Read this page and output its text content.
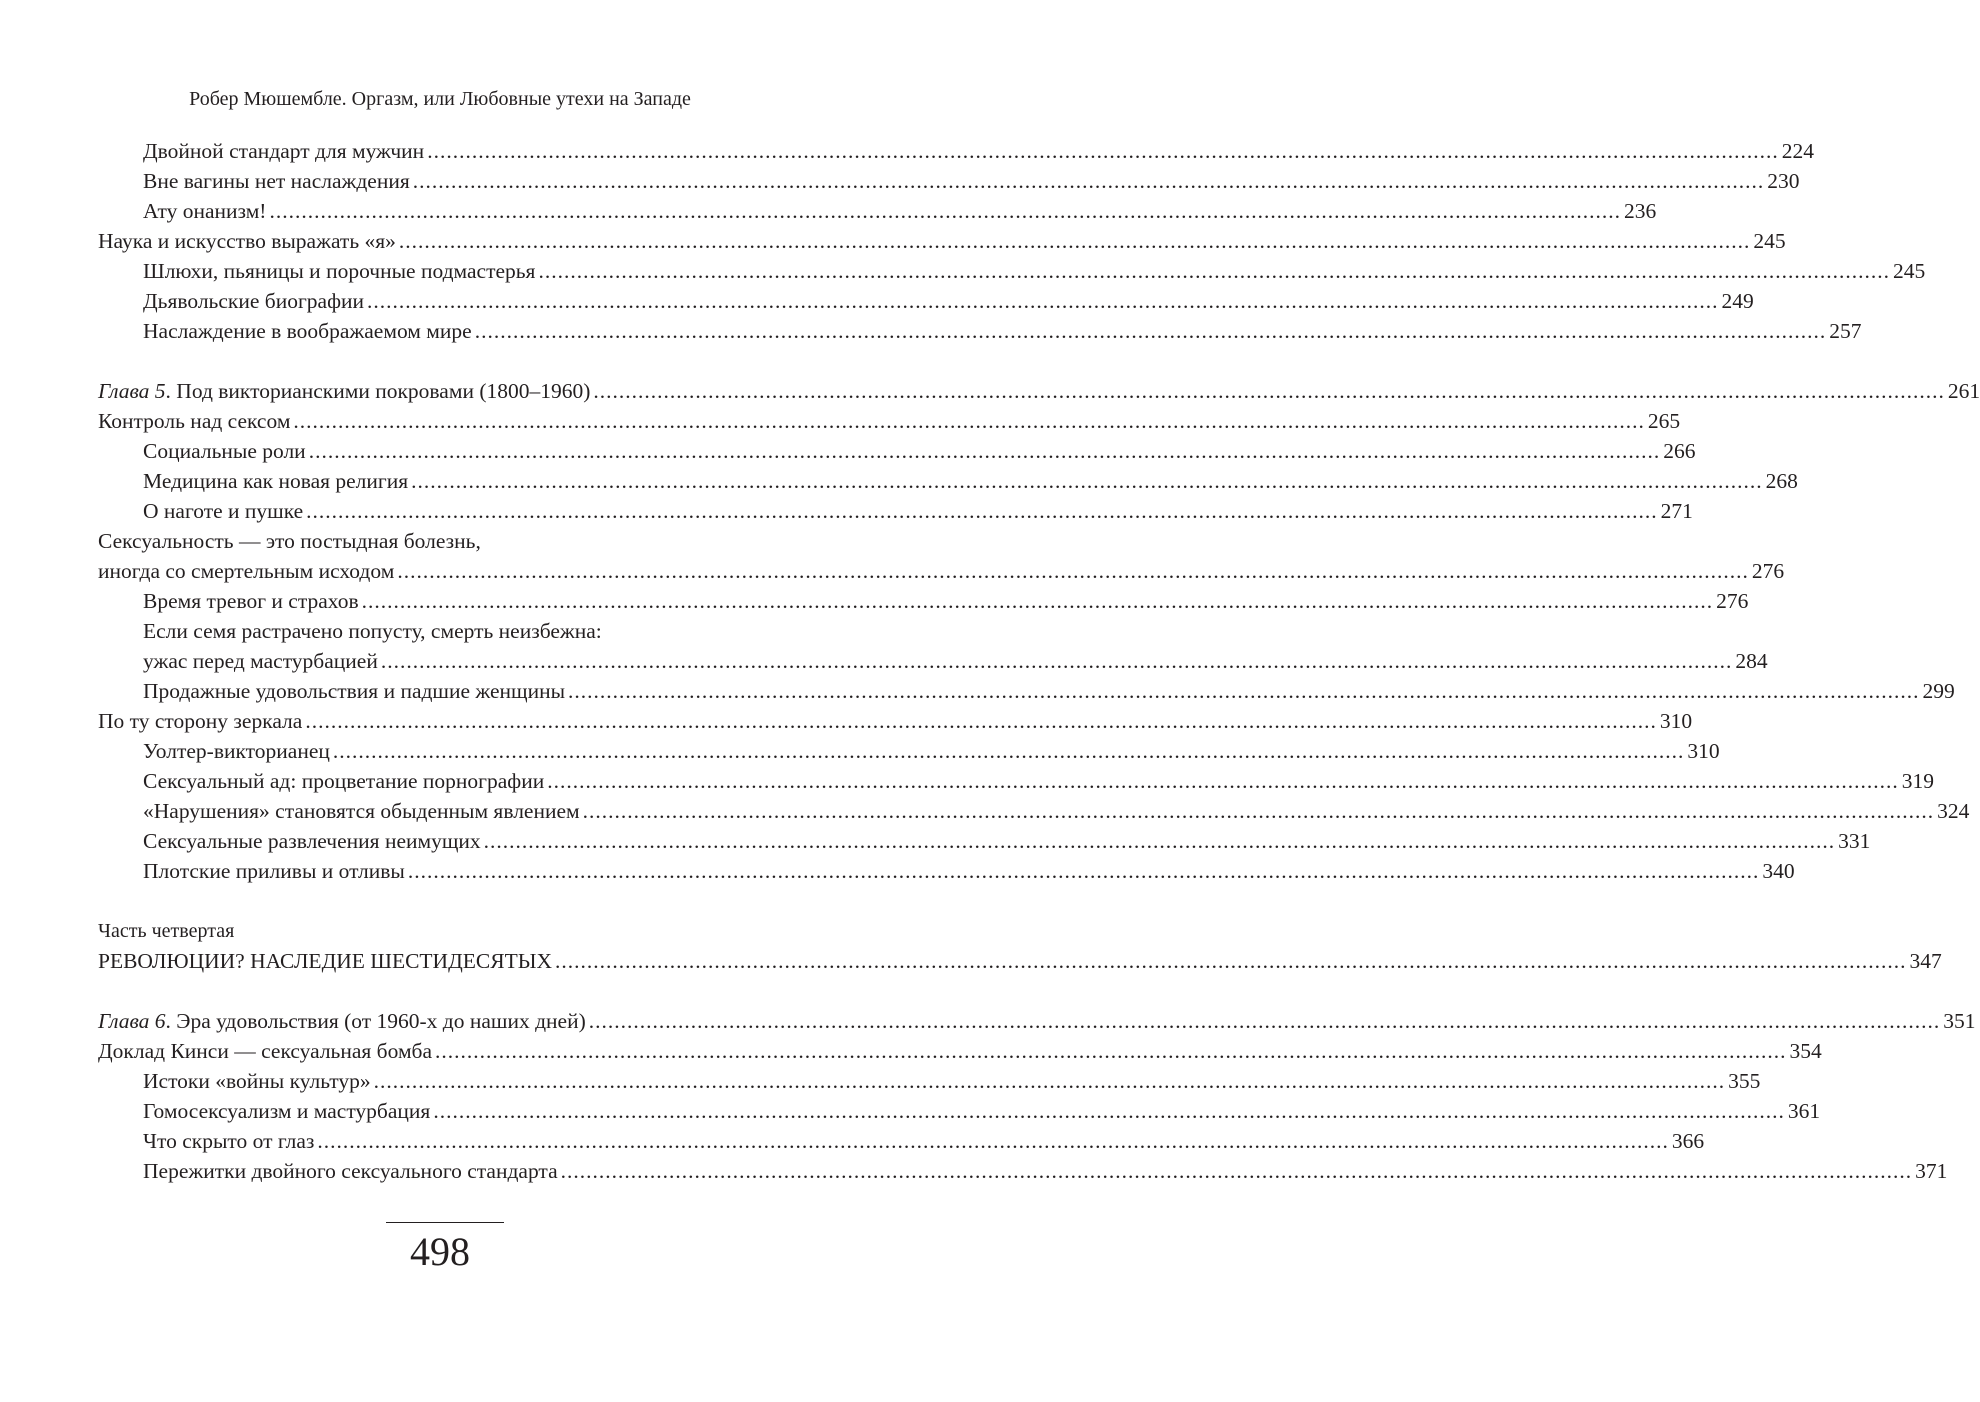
Робер Мюшембле. Оргазм, или Любовные утехи на Западе
Двойной стандарт для мужчин .....	224
Вне вагины нет наслаждения .....	230
Ату онанизм! .....	236
Наука и искусство выражать «я» .....	245
Шлюхи, пьяницы и порочные подмастерья .....	245
Дьявольские биографии .....	249
Наслаждение в воображаемом мире .....	257
Глава 5. Под викторианскими покровами (1800–1960) .....	261
Контроль над сексом .....	265
Социальные роли .....	266
Медицина как новая религия .....	268
О наготе и пушке .....	271
Сексуальность — это постыдная болезнь,
иногда со смертельным исходом .....	276
Время тревог и страхов .....	276
Если семя растрачено попусту, смерть неизбежна:
ужас перед мастурбацией .....	284
Продажные удовольствия и падшие женщины .....	299
По ту сторону зеркала .....	310
Уолтер-викторианец .....	310
Сексуальный ад: процветание порнографии .....	319
«Нарушения» становятся обыденным явлением .....	324
Сексуальные развлечения неимущих .....	331
Плотские приливы и отливы .....	340
Часть четвертая
РЕВОЛЮЦИИ? НАСЛЕДИЕ ШЕСТИДЕСЯТЫХ .....	347
Глава 6. Эра удовольствия (от 1960-х до наших дней) .....	351
Доклад Кинси — сексуальная бомба .....	354
Истоки «войны культур» .....	355
Гомосексуализм и мастурбация .....	361
Что скрыто от глаз .....	366
Пережитки двойного сексуального стандарта .....	371
498
